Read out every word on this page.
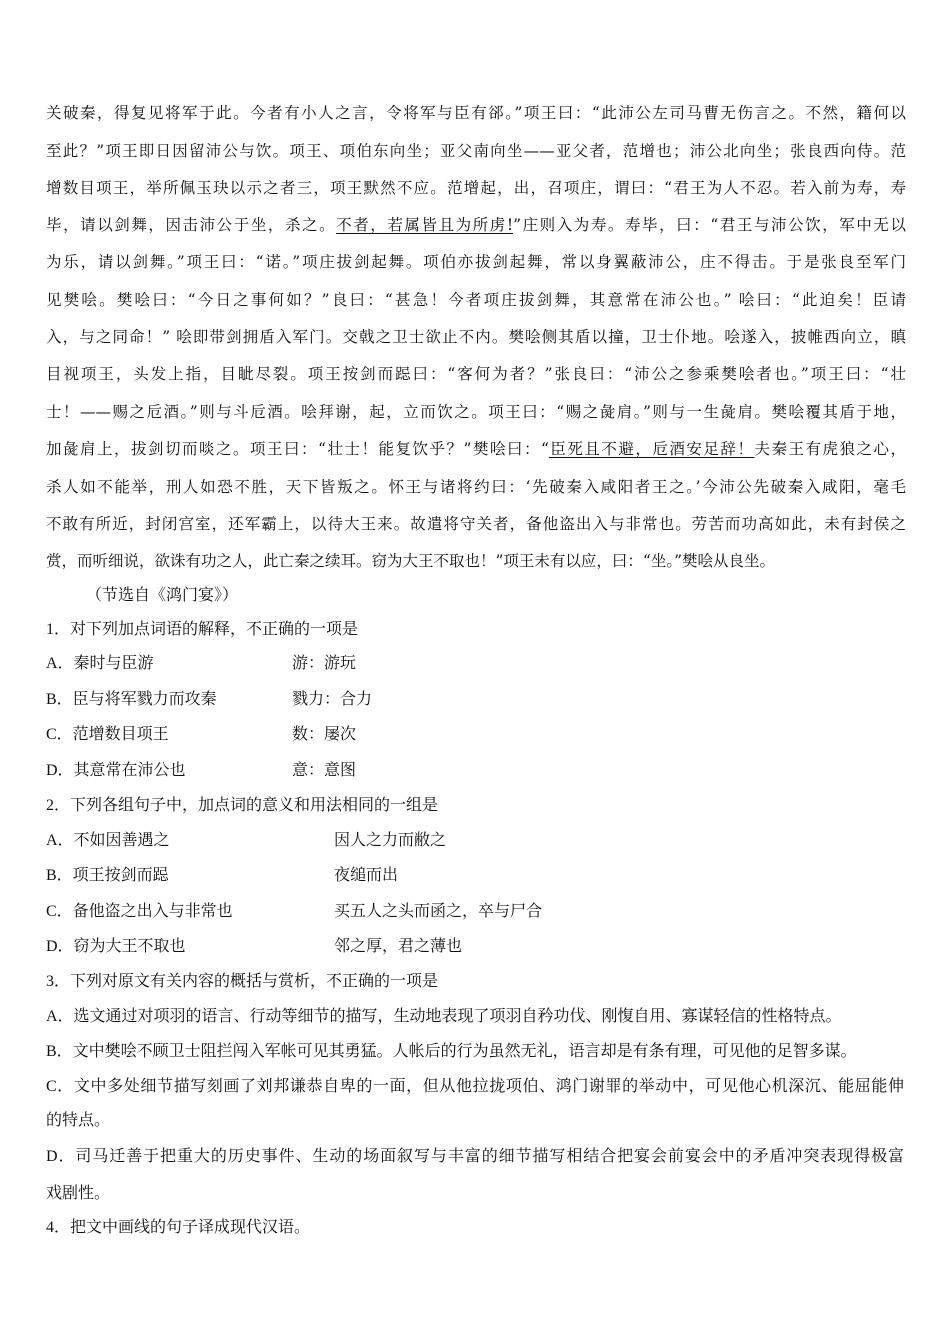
关破秦，得复见将军于此。今者有小人之言，令将军与臣有郤。”项王曰：“此沛公左司马曹无伤言之。不然，籍何以
至此？”项王即日因留沛公与饮。项王、项伯东向坐；亚父南向坐——亚父者，范增也；沛公北向坐；张良西向侍。范
增数目项王，举所佩玉玦以示之者三，项王默然不应。范增起，出，召项庄，谓曰：“君王为人不忍。若入前为寿，寿
毕，请以剑舞，因击沛公于坐，杀之。不者，若属皆且为所虏!”庄则入为寿。寿毕，曰：“君王与沛公饮，军中无以
为乐，请以剑舞。”项王曰：“诺。”项庄拔剑起舞。项伯亦拔剑起舞，常以身翼蔽沛公，庄不得击。于是张良至军门
见樊哙。樊哙曰：“今日之事何如？”良曰：“甚急！今者项庄拔剑舞，其意常在沛公也。” 哙曰：“此迫矣！臣请
入，与之同命！” 哙即带剑拥盾入军门。交戟之卫士欲止不内。樊哙侧其盾以撞，卫士仆地。哙遂入，披帷西向立，瞋
目视项王，头发上指，目眦尽裂。项王按剑而跽曰：“客何为者？”张良曰：“沛公之参乘樊哙者也。”项王曰：“壮
士！——赐之卮酒。”则与斗卮酒。哙拜谢，起，立而饮之。项王曰：“赐之彘肩。”则与一生彘肩。樊哙覆其盾于地，
加彘肩上，拔剑切而啖之。项王曰：“壮士！能复饮乎？”樊哙曰：“臣死且不避，卮酒安足辞！夫秦王有虎狼之心，
杀人如不能举，刑人如恐不胜，天下皆叛之。怀王与诸将约曰：‘先破秦入咸阳者王之。’今沛公先破秦入咸阳，毫毛
不敢有所近，封闭宫室，还军霸上，以待大王来。故遣将守关者，备他盗出入与非常也。劳苦而功高如此，未有封侯之
赏，而听细说，欲诛有功之人，此亡秦之续耳。窃为大王不取也！”项王未有以应，曰：“坐。”樊哙从良坐。
（节选自《鸿门宴》）
1．对下列加点词语的解释，不正确的一项是
A．秦时与臣游	游：游玩
B．臣与将军戮力而攻秦	戮力：合力
C．范增数目项王	数：屡次
D．其意常在沛公也	意：意图
2．下列各组句子中，加点词的意义和用法相同的一组是
A．不如因善遇之	因人之力而敝之
B．项王按剑而跽	夜缒而出
C．备他盗之出入与非常也	买五人之头而函之，卒与尸合
D．窃为大王不取也	邻之厚，君之薄也
3．下列对原文有关内容的概括与赏析，不正确的一项是
A．选文通过对项羽的语言、行动等细节的描写，生动地表现了项羽自矜功伐、刚愎自用、寡谋轻信的性格特点。
B．文中樊哙不顾卫士阻拦闯入军帐可见其勇猛。人帐后的行为虽然无礼，语言却是有条有理，可见他的足智多谋。
C．文中多处细节描写刻画了刘邦谦恭自卑的一面，但从他拉拢项伯、鸿门谢罪的举动中，可见他心机深沉、能屈能伸
的特点。
D．司马迁善于把重大的历史事件、生动的场面叙写与丰富的细节描写相结合把宴会前宴会中的矛盾冲突表现得极富
戏剧性。
4．把文中画线的句子译成现代汉语。
